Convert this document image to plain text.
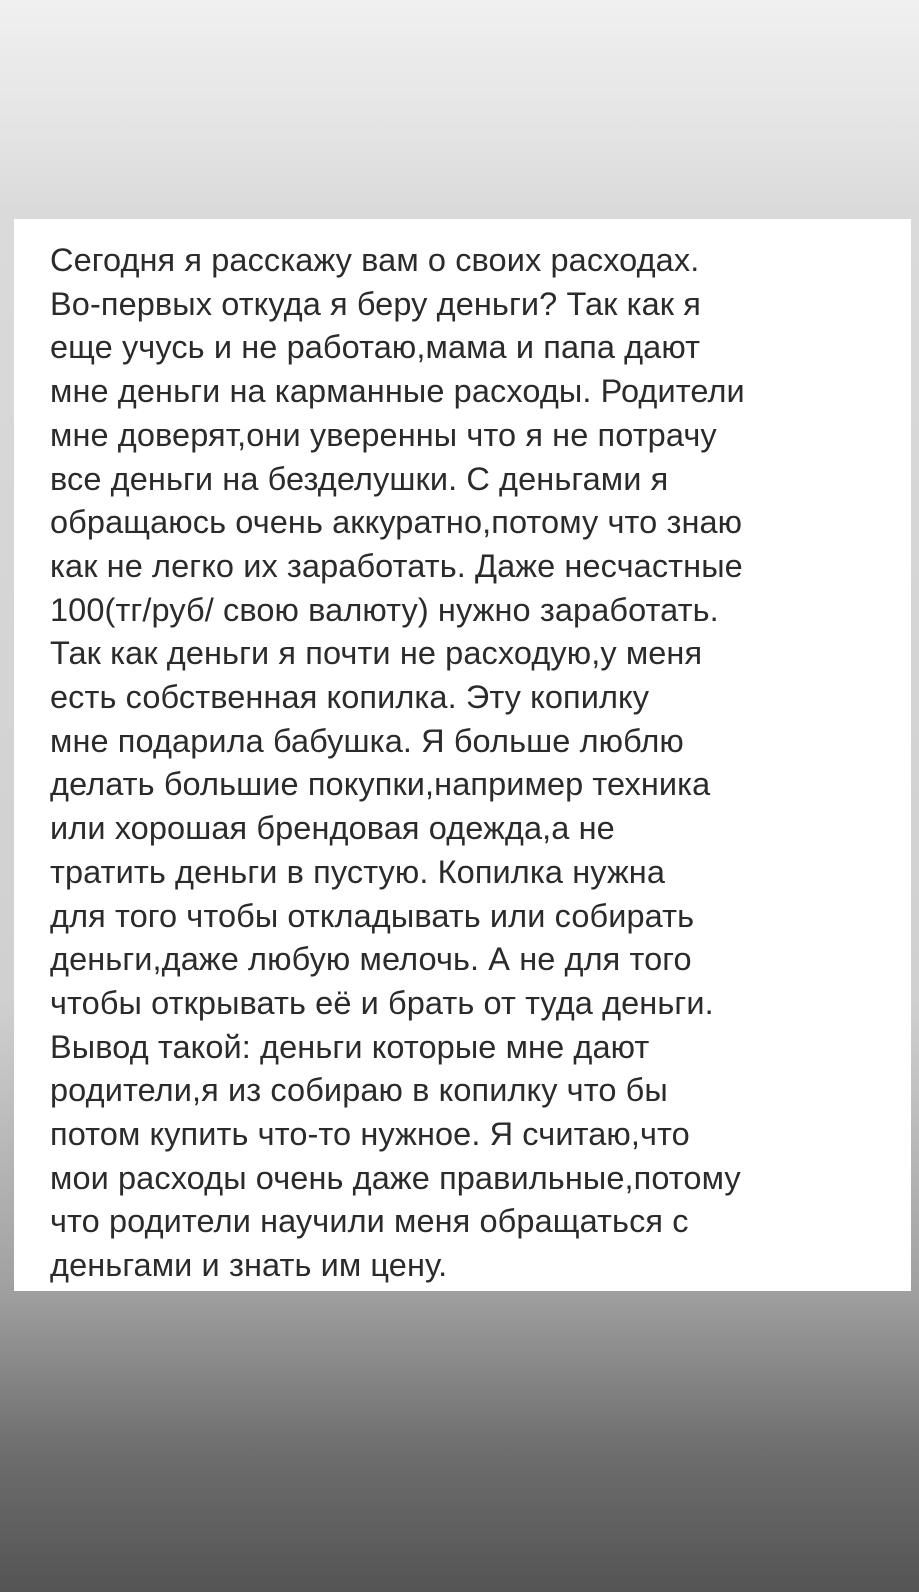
Сегодня я расскажу вам о своих расходах.
Во-первых откуда я беру деньги? Так как я
еще учусь и не работаю,мама и папа дают
мне деньги на карманные расходы. Родители
мне доверят,они уверенны что я не потрачу
все деньги на безделушки. С деньгами я
обращаюсь очень аккуратно,потому что знаю
как не легко их заработать. Даже несчастные
100(тг/руб/ свою валюту) нужно заработать.
Так как деньги я почти не расходую,у меня
есть собственная копилка. Эту копилку
мне подарила бабушка. Я больше люблю
делать большие покупки,например техника
или хорошая брендовая одежда,а не
тратить деньги в пустую. Копилка нужна
для того чтобы откладывать или собирать
деньги,даже любую мелочь. А не для того
чтобы открывать её и брать от туда деньги.
Вывод такой: деньги которые мне дают
родители,я из собираю в копилку что бы
потом купить что-то нужное. Я считаю,что
мои расходы очень даже правильные,потому
что родители научили меня обращаться с
деньгами и знать им цену.
